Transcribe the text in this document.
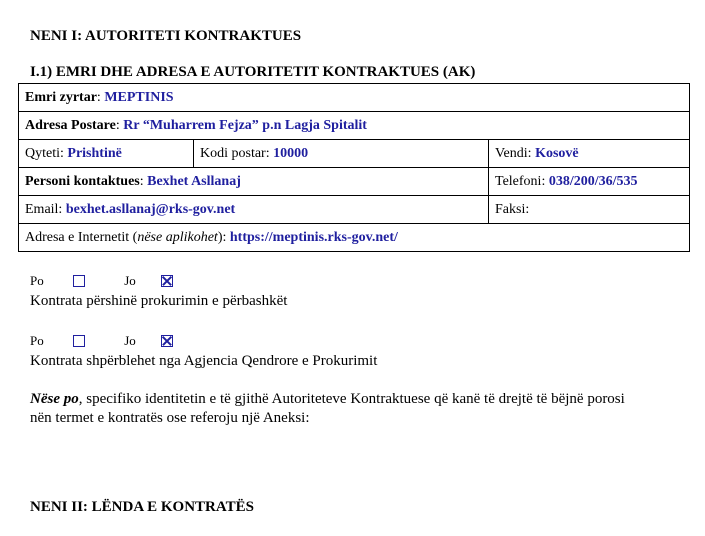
NENI I: AUTORITETI KONTRAKTUES
I.1) EMRI DHE ADRESA E AUTORITETIT KONTRAKTUES (AK)
Emri zyrtar: MEPTINIS		
Adresa Postare: Rr “Muharrem Fejza” p.n Lagja Spitalit		
Qyteti: Prishtinë	Kodi postar: 10000	Vendi: Kosovë
Personi kontaktues: Bexhet Asllanaj		Telefoni: 038/200/36/535
Email: bexhet.asllanaj@rks-gov.net		Faksi:
Adresa e Internetit (nëse aplikohet): https://meptinis.rks-gov.net/		
Po	Jo
Kontrata përshinë prokurimin e përbashkët
Po	Jo
Kontrata shpërblehet nga Agjencia Qendrore e Prokurimit
Nëse po, specifiko identitetin e të gjithë Autoriteteve Kontraktuese që kanë të drejtë të bëjnë porosi
nën termet e kontratës ose referoju një Aneksi:
NENI II: LËNDA E KONTRATËS
